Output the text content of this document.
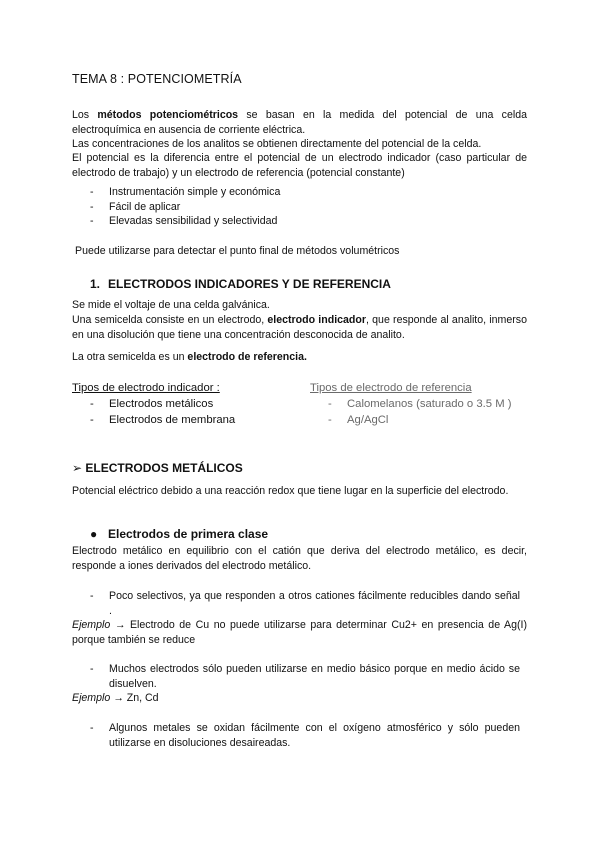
TEMA 8 : POTENCIOMETRÍA
Los métodos potenciométricos se basan en la medida del potencial de una celda electroquímica en ausencia de corriente eléctrica.
Las concentraciones de los analitos se obtienen directamente del potencial de la celda.
El potencial es la diferencia entre el potencial de un electrodo indicador (caso particular de electrodo de trabajo) y un electrodo de referencia (potencial constante)
- Instrumentación simple y económica
- Fácil de aplicar
- Elevadas sensibilidad y selectividad
Puede utilizarse para detectar el punto final de métodos volumétricos
1. ELECTRODOS INDICADORES Y DE REFERENCIA
Se mide el voltaje de una celda galvánica.
Una semicelda consiste en un electrodo, electrodo indicador, que responde al analito, inmerso en una disolución que tiene una concentración desconocida de analito.
La otra semicelda es un electrodo de referencia.
Tipos de electrodo indicador :
- Electrodos metálicos
- Electrodos de membrana
Tipos de electrodo de referencia
- Calomelanos (saturado o 3.5 M )
- Ag/AgCl
➢ ELECTRODOS METÁLICOS
Potencial eléctrico debido a una reacción redox que tiene lugar en la superficie del electrodo.
● Electrodos de primera clase
Electrodo metálico en equilibrio con el catión que deriva del electrodo metálico, es decir, responde a iones derivados del electrodo metálico.
- Poco selectivos, ya que responden a otros cationes fácilmente reducibles dando señal .
Ejemplo → Electrodo de Cu no puede utilizarse para determinar Cu2+ en presencia de Ag(I) porque también se reduce
- Muchos electrodos sólo pueden utilizarse en medio básico porque en medio ácido se disuelven.
Ejemplo → Zn, Cd
- Algunos metales se oxidan fácilmente con el oxígeno atmosférico y sólo pueden utilizarse en disoluciones desaireadas.
